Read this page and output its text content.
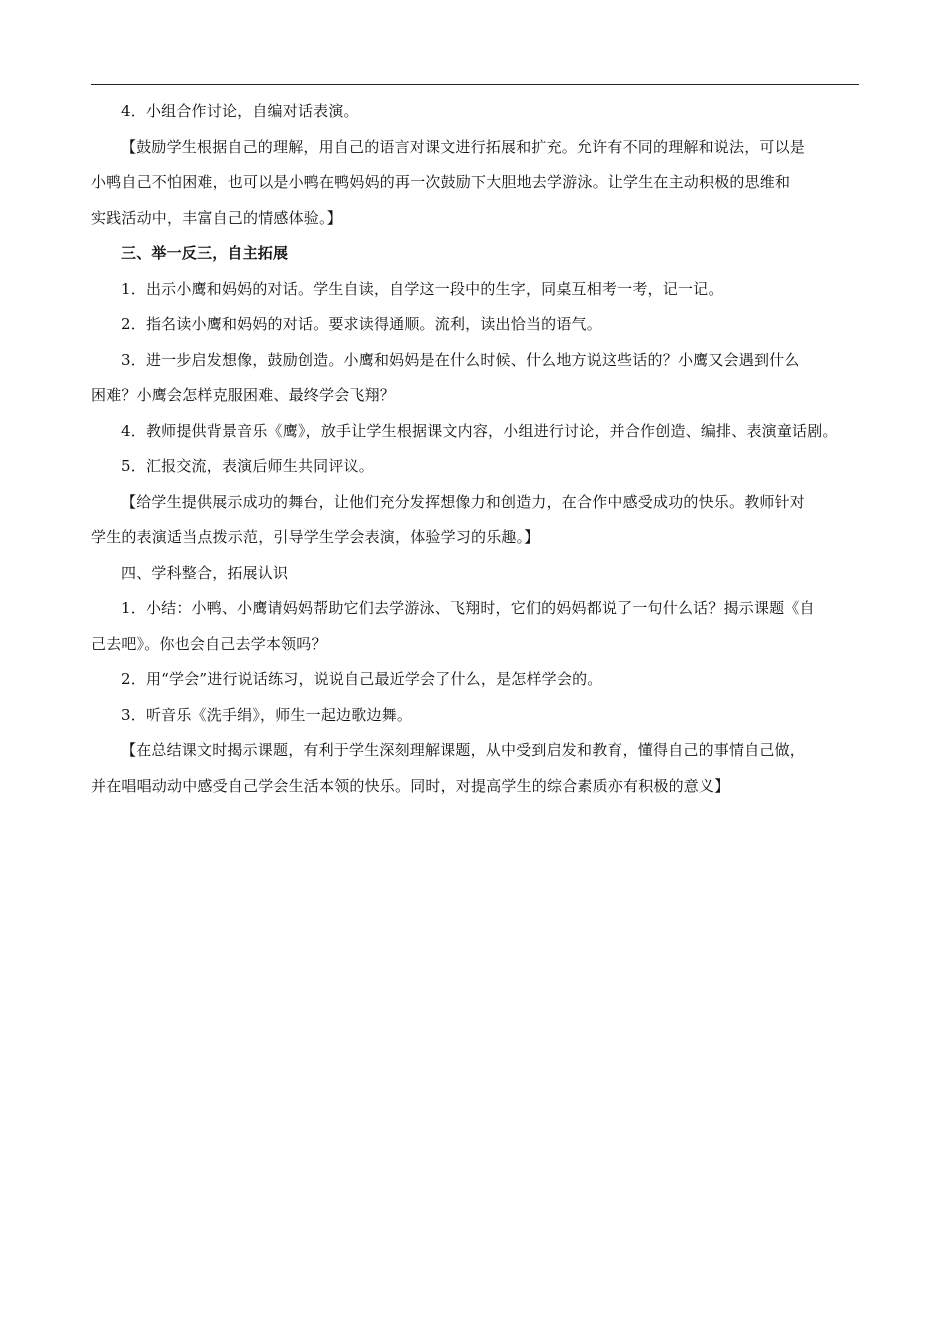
4．小组合作讨论，自编对话表演。
【鼓励学生根据自己的理解，用自己的语言对课文进行拓展和扩充。允许有不同的理解和说法，可以是
小鸭自己不怕困难，也可以是小鸭在鸭妈妈的再一次鼓励下大胆地去学游泳。让学生在主动积极的思维和
实践活动中，丰富自己的情感体验。】
三、举一反三，自主拓展
1．出示小鹰和妈妈的对话。学生自读，自学这一段中的生字，同桌互相考一考，记一记。
2．指名读小鹰和妈妈的对话。要求读得通顺。流利，读出恰当的语气。
3．进一步启发想像，鼓励创造。小鹰和妈妈是在什么时候、什么地方说这些话的？小鹰又会遇到什么
困难？小鹰会怎样克服困难、最终学会飞翔？
4．教师提供背景音乐《鹰》，放手让学生根据课文内容，小组进行讨论，并合作创造、编排、表演童话剧。
5．汇报交流，表演后师生共同评议。
【给学生提供展示成功的舞台，让他们充分发挥想像力和创造力，在合作中感受成功的快乐。教师针对
学生的表演适当点拨示范，引导学生学会表演，体验学习的乐趣。】
四、学科整合，拓展认识
1．小结：小鸭、小鹰请妈妈帮助它们去学游泳、飞翔时，它们的妈妈都说了一句什么话？揭示课题《自
己去吧》。你也会自己去学本领吗？
2．用“学会”进行说话练习，说说自己最近学会了什么，是怎样学会的。
3．听音乐《洗手绢》，师生一起边歌边舞。
【在总结课文时揭示课题，有利于学生深刻理解课题，从中受到启发和教育，懂得自己的事情自己做，
并在唱唱动动中感受自己学会生活本领的快乐。同时，对提高学生的综合素质亦有积极的意义】
